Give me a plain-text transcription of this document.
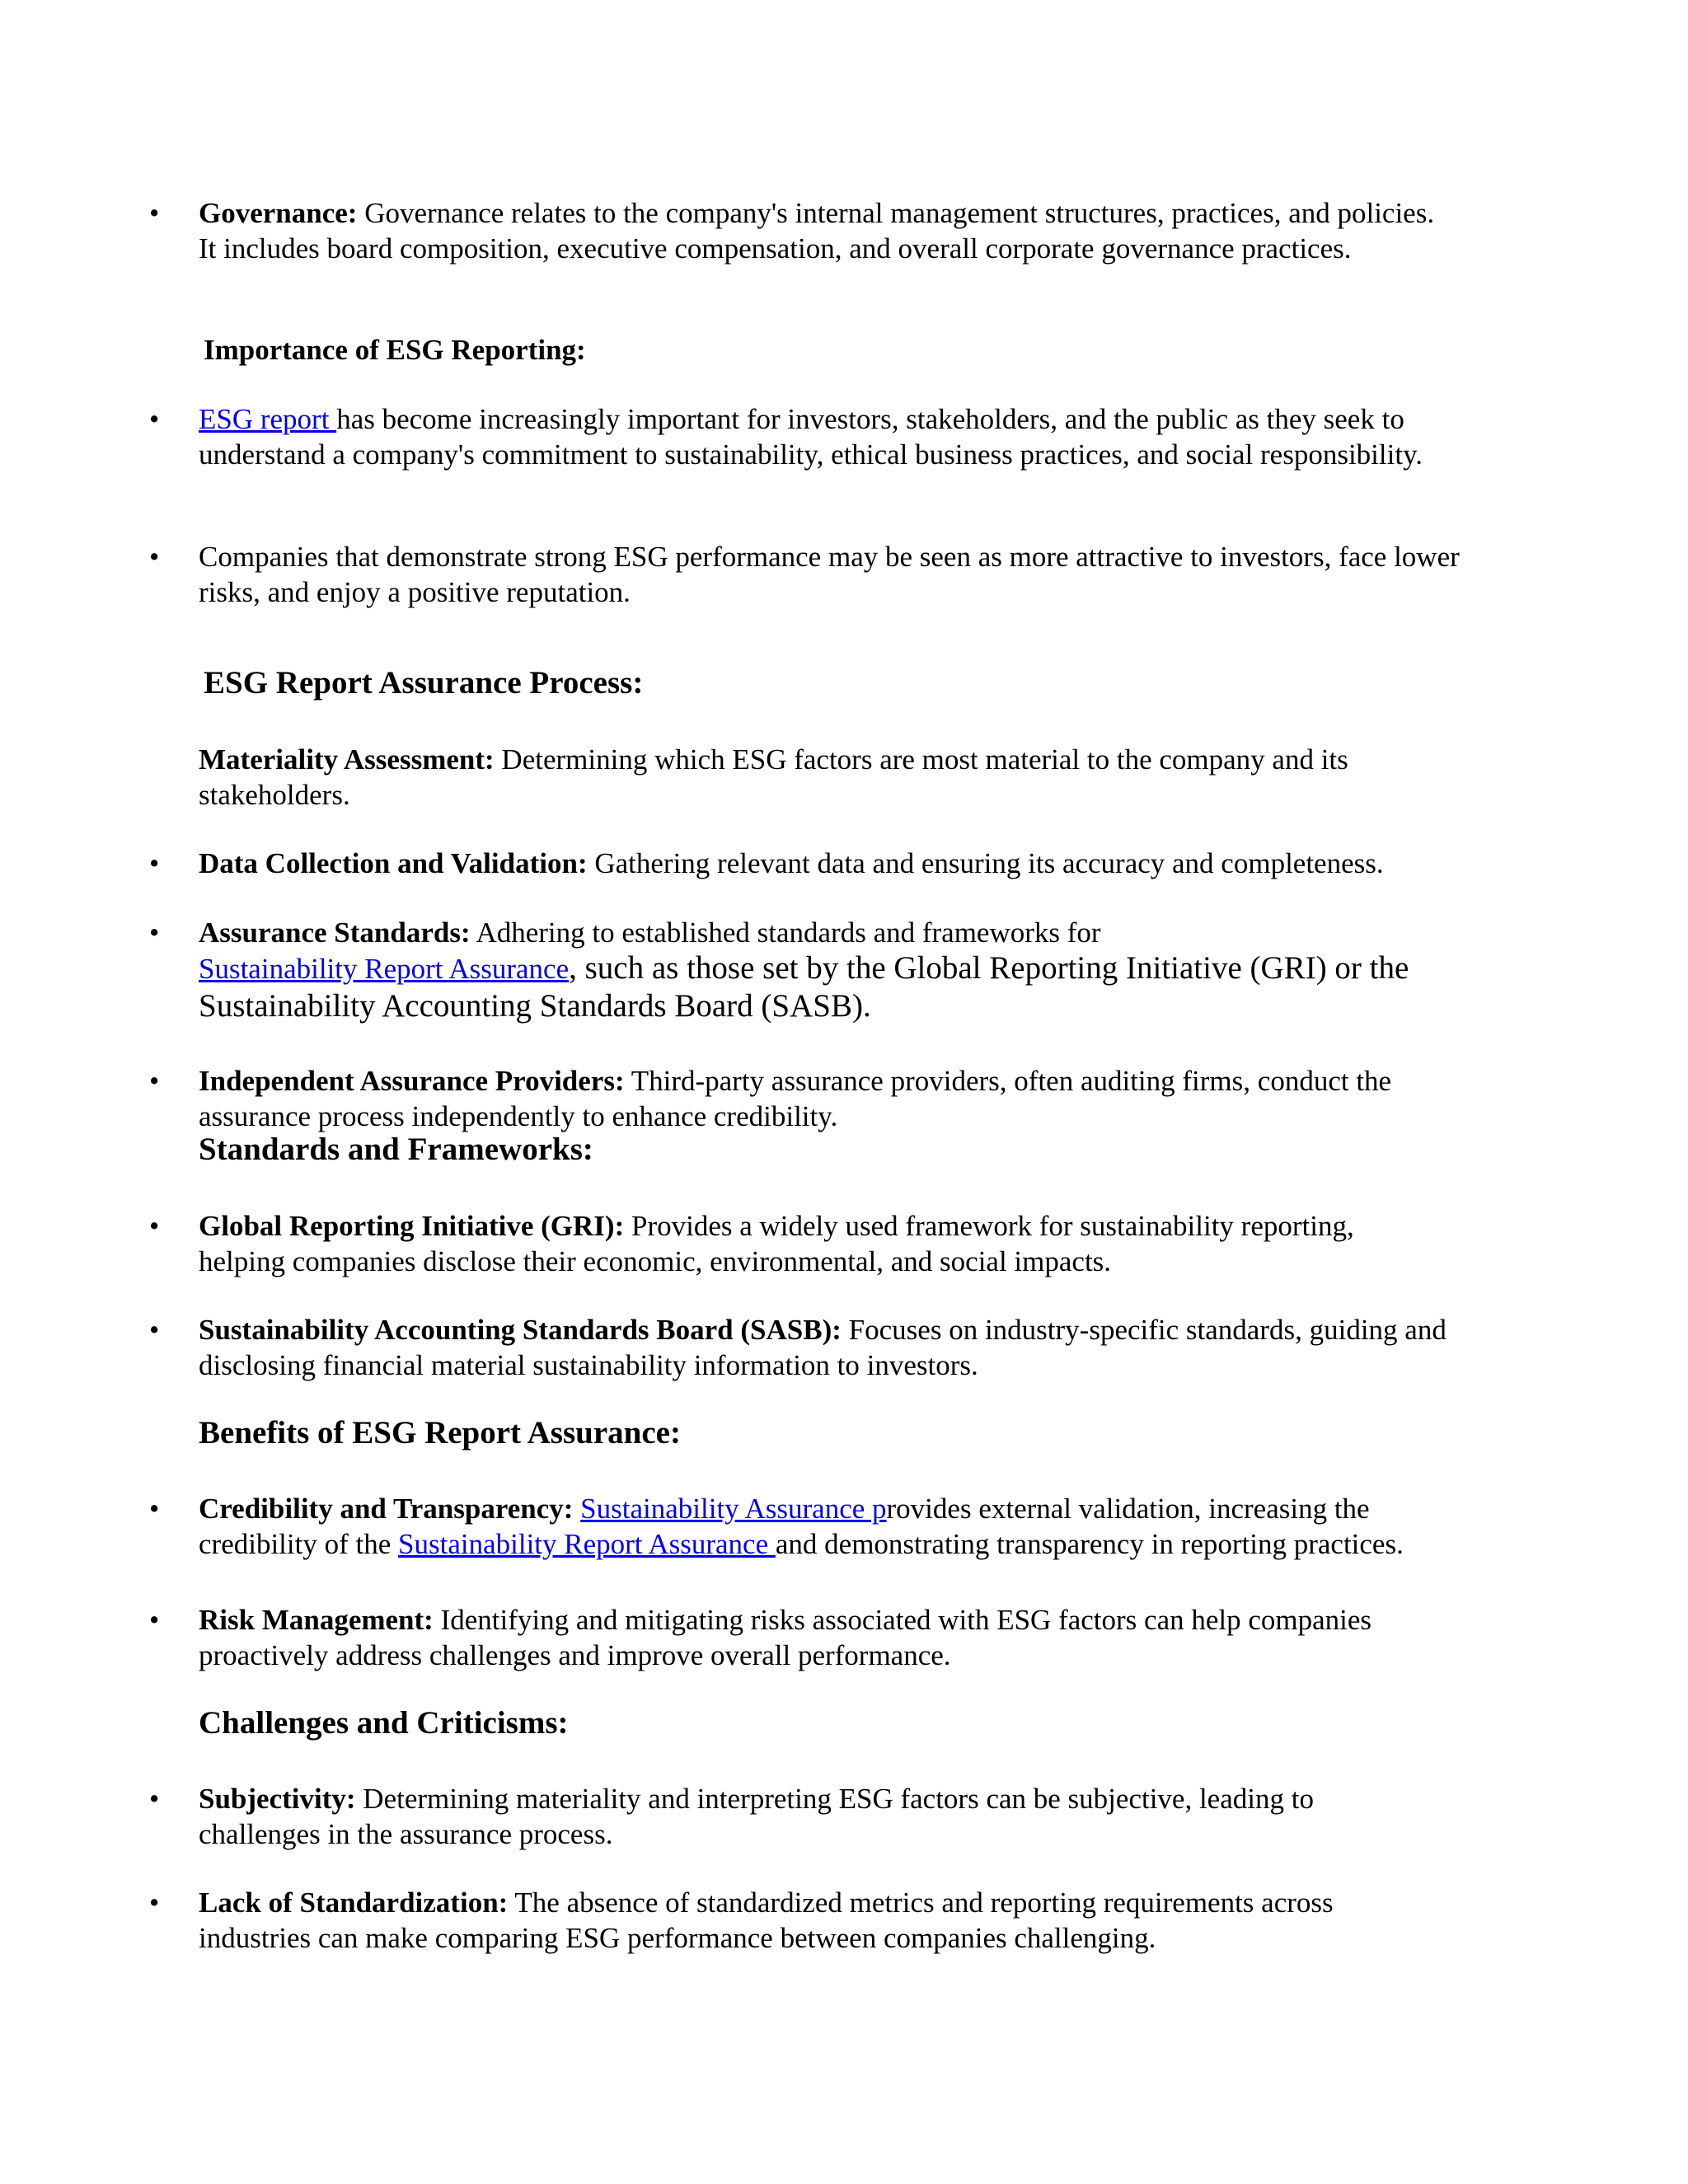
•

Governance: Governance relates to the company's internal management structures, practices, and policies. It includes board composition, executive compensation, and overall corporate governance practices.

Importance of ESG Reporting:

•

ESG report has become increasingly important for investors, stakeholders, and the public as they seek to understand a company's commitment to sustainability, ethical business practices, and social responsibility.

•

Companies that demonstrate strong ESG performance may be seen as more attractive to investors, face lower risks, and enjoy a positive reputation.

ESG Report Assurance Process:

Materiality Assessment: Determining which ESG factors are most material to the company and its stakeholders.

•

Data Collection and Validation: Gathering relevant data and ensuring its accuracy and completeness.

•
Assurance Standards: Adhering to established standards and frameworks for
Sustainability Report Assurance, such as those set by the Global Reporting Initiative (GRI) or the Sustainability Accounting Standards Board (SASB).
•

Independent Assurance Providers: Third-party assurance providers, often auditing firms, conduct the assurance process independently to enhance credibility.

Standards and Frameworks:

•

Global Reporting Initiative (GRI): Provides a widely used framework for sustainability reporting, helping companies disclose their economic, environmental, and social impacts.

•

Sustainability Accounting Standards Board (SASB): Focuses on industry-specific standards, guiding and disclosing financial material sustainability information to investors.

Benefits of ESG Report Assurance:

•

Credibility and Transparency: Sustainability Assurance provides external validation, increasing the credibility of the Sustainability Report Assurance and demonstrating transparency in reporting practices.

•

Risk Management: Identifying and mitigating risks associated with ESG factors can help companies proactively address challenges and improve overall performance.

Challenges and Criticisms:

•

Subjectivity: Determining materiality and interpreting ESG factors can be subjective, leading to challenges in the assurance process.

•

Lack of Standardization: The absence of standardized metrics and reporting requirements across industries can make comparing ESG performance between companies challenging.
